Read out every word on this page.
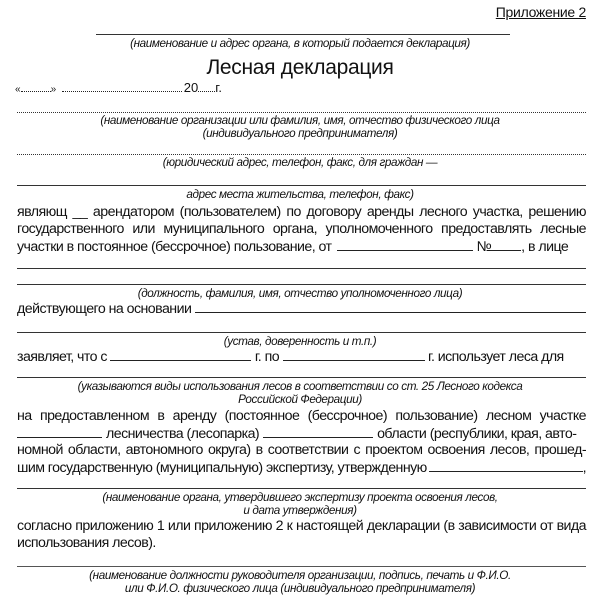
Приложение 2
(наименование и адрес органа, в который подается декларация)
Лесная декларация
«	»	20 г.
(наименование организации или фамилия, имя, отчество физического лица
(индивидуального предпринимателя)
(юридический адрес, телефон, факс, для граждан —
адрес места жительства, телефон, факс)
являющ __ арендатором (пользователем) по договору аренды лесного участка, решению
государственного или муниципального органа, уполномоченного предоставлять лесные
участки в постоянное (бессрочное) пользование, от	№ , в лице
(должность, фамилия, имя, отчество уполномоченного лица)
действующего на основании
(устав, доверенность и т.п.)
заявляет, что с	г. по	г. использует леса для
(указываются виды использования лесов в соответствии со ст. 25 Лесного кодекса
Российской Федерации)
на предоставленном в аренду (постоянное (бессрочное) пользование) лесном участке
лесничества (лесопарка)	области (республики, края, авто-
номной области, автономного округа) в соответствии с проектом освоения лесов, прошед-
шим государственную (муниципальную) экспертизу, утвержденную	,
(наименование органа, утвердившего экспертизу проекта освоения лесов,
и дата утверждения)
согласно приложению 1 или приложению 2 к настоящей декларации (в зависимости от вида
использования лесов).
(наименование должности руководителя организации, подпись, печать и Ф.И.О.
или Ф.И.О. физического лица (индивидуального предпринимателя)
